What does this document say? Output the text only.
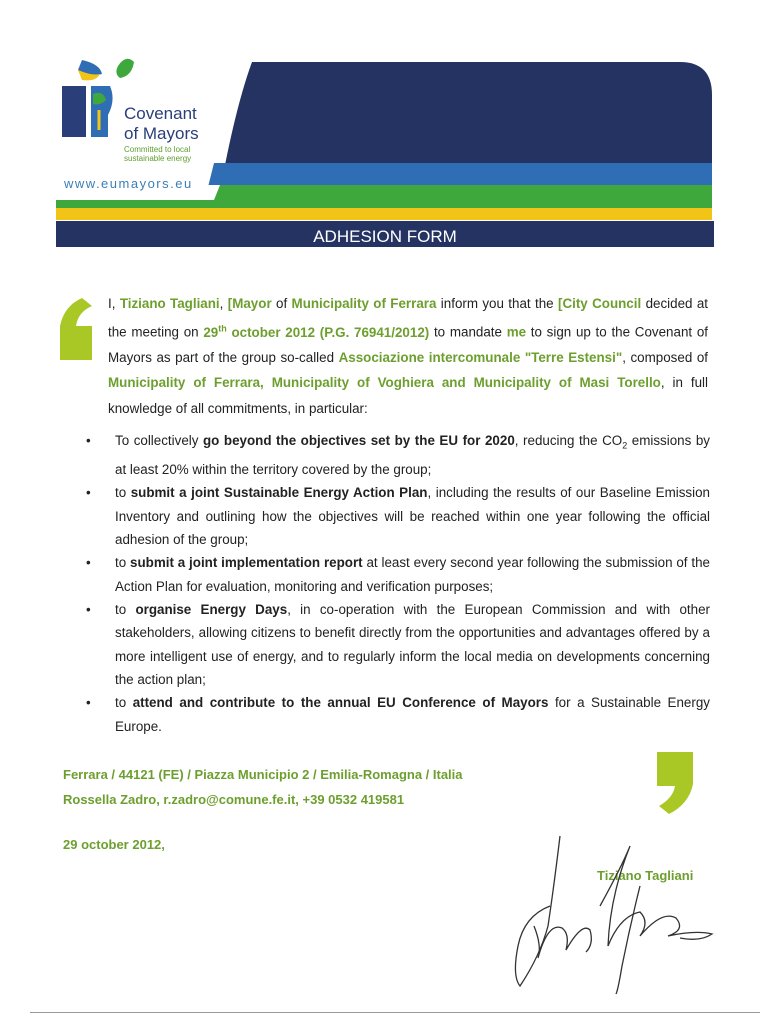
Covenant
of Mayors
Committed to local
sustainable energy
www.eumayors.eu
ADHESION FORM
I, Tiziano Tagliani, [Mayor of Municipality of Ferrara inform you that the [City Council decided at the meeting on 29th october 2012 (P.G. 76941/2012) to mandate me to sign up to the Covenant of Mayors as part of the group so-called Associazione intercomunale "Terre Estensi", composed of Municipality of Ferrara, Municipality of Voghiera and Municipality of Masi Torello, in full knowledge of all commitments, in particular:
• To collectively go beyond the objectives set by the EU for 2020, reducing the $CO_2$ emissions by at least 20% within the territory covered by the group;
• to submit a joint Sustainable Energy Action Plan, including the results of our Baseline Emission Inventory and outlining how the objectives will be reached within one year following the official adhesion of the group;
• to submit a joint implementation report at least every second year following the submission of the Action Plan for evaluation, monitoring and verification purposes;
• to organise Energy Days, in co-operation with the European Commission and with other stakeholders, allowing citizens to benefit directly from the opportunities and advantages offered by a more intelligent use of energy, and to regularly inform the local media on developments concerning the action plan;
• to attend and contribute to the annual EU Conference of Mayors for a Sustainable Energy Europe.
Ferrara / 44121 (FE) / Piazza Municipio 2 / Emilia-Romagna / Italia
Rossella Zadro, r.zadro@comune.fe.it, +39 0532 419581
29 october 2012,
Tiziano Tagliani
